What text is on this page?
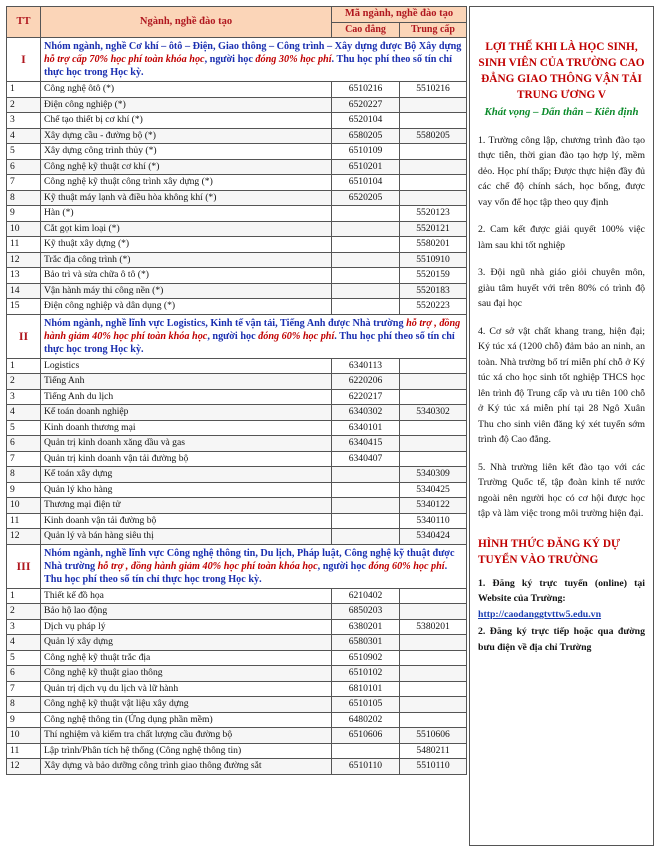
TT	Ngành, nghề đào tạo	Mã ngành, nghề đào tạo	
		Cao đẳng	Trung cấp
I	Nhóm ngành, nghề Cơ khí – ôtô – Điện, Giao thông – Công trình – Xây dựng được Bộ Xây dựng hỗ trợ cấp 70% học phí toàn khóa học, người học đóng 30% học phí. Thu học phí theo số tín chỉ thực học trong Học kỳ.		

1	Công nghệ ôtô (*)	6510216	5510216
2	Điện công nghiệp (*)	6520227	
3	Chế tạo thiết bị cơ khí (*)	6520104	
4	Xây dựng cầu - đường bộ (*)	6580205	5580205
5	Xây dựng công trình thủy (*)	6510109	
6	Công nghệ kỹ thuật cơ khí (*)	6510201	
7	Công nghệ kỹ thuật công trình xây dựng (*)	6510104	
8	Kỹ thuật máy lạnh và điều hòa không khí (*)	6520205	
9	Hàn (*)		5520123
10	Cắt gọt kim loại (*)		5520121
11	Kỹ thuật xây dựng (*)		5580201
12	Trắc địa công trình (*)		5510910
13	Bảo trì và sửa chữa ô tô (*)		5520159
14	Vận hành máy thi công nền (*)		5520183
15	Điện công nghiệp và dân dụng (*)		5520223
II	Nhóm ngành, nghề lĩnh vực Logistics, Kinh tế vận tải, Tiếng Anh được Nhà trường hỗ trợ , đồng hành giảm 40% học phí toàn khóa học, người học đóng 60% học phí. Thu học phí theo số tín chỉ thực học trong Học kỳ.		

1	Logistics	6340113	
2	Tiếng Anh	6220206	
3	Tiếng Anh du lịch	6220217	
4	Kế toán doanh nghiệp	6340302	5340302
5	Kinh doanh thương mại	6340101	
6	Quản trị kinh doanh xăng dầu và gas	6340415	
7	Quản trị kinh doanh vận tải đường bộ	6340407	
8	Kế toán xây dựng		5340309
9	Quản lý kho hàng		5340425
10	Thương mại điện tử		5340122
11	Kinh doanh vận tải đường bộ		5340110
12	Quản lý và bán hàng siêu thị		5340424
III	Nhóm ngành, nghề lĩnh vực Công nghệ thông tin, Du lịch, Pháp luật, Công nghệ kỹ thuật được Nhà trường hỗ trợ , đồng hành giảm 40% học phí toàn khóa học, người học đóng 60% học phí. Thu học phí theo số tín chỉ thực học trong Học kỳ.		

1	Thiết kế đồ họa	6210402	
2	Bảo hộ lao động	6850203	
3	Dịch vụ pháp lý	6380201	5380201
4	Quản lý xây dựng	6580301	
5	Công nghệ kỹ thuật trắc địa	6510902	
6	Công nghệ kỹ thuật giao thông	6510102	
7	Quản trị dịch vụ du lịch và lữ hành	6810101	
8	Công nghệ kỹ thuật vật liệu xây dựng	6510105	
9	Công nghệ thông tin (Ứng dụng phần mềm)	6480202	
10	Thí nghiệm và kiểm tra chất lượng cầu đường bộ	6510606	5510606
11	Lập trình/Phân tích hệ thống (Công nghệ thông tin)		5480211
12	Xây dựng và bảo dưỡng công trình giao thông đường sắt	6510110	5510110
LỢI THẾ KHI LÀ HỌC SINH, SINH VIÊN CỦA TRƯỜNG CAO ĐẲNG GIAO THÔNG VẬN TẢI TRUNG ƯƠNG V
Khát vọng – Dấn thân – Kiên định
1. Trường công lập, chương trình đào tạo thực tiễn, thời gian đào tạo hợp lý, mềm dẻo. Học phí thấp; Được thực hiện đầy đủ các chế độ chính sách, học bổng, được vay vốn để học tập theo quy định
2. Cam kết được giải quyết 100% việc làm sau khi tốt nghiệp
3. Đội ngũ nhà giáo giỏi chuyên môn, giàu tâm huyết với trên 80% có trình độ sau đại học
4. Cơ sở vật chất khang trang, hiện đại; Ký túc xá (1200 chỗ) đảm bảo an ninh, an toàn. Nhà trường bố trí miễn phí chỗ ở Ký túc xá cho học sinh tốt nghiệp THCS học lên trình độ Trung cấp và ưu tiên 100 chỗ ở Ký túc xá miễn phí tại 28 Ngô Xuân Thu cho sinh viên đăng ký xét tuyển sớm trình độ Cao đẳng.
5. Nhà trường liên kết đào tạo với các Trường Quốc tế, tập đoàn kinh tế nước ngoài nên người học có cơ hội được học tập và làm việc trong môi trường hiện đại.
HÌNH THỨC ĐĂNG KÝ DỰ TUYỂN VÀO TRƯỜNG
1. Đăng ký trực tuyến (online) tại Website của Trường:
http://caodanggtvttw5.edu.vn
2. Đăng ký trực tiếp hoặc qua đường bưu điện về địa chỉ Trường
